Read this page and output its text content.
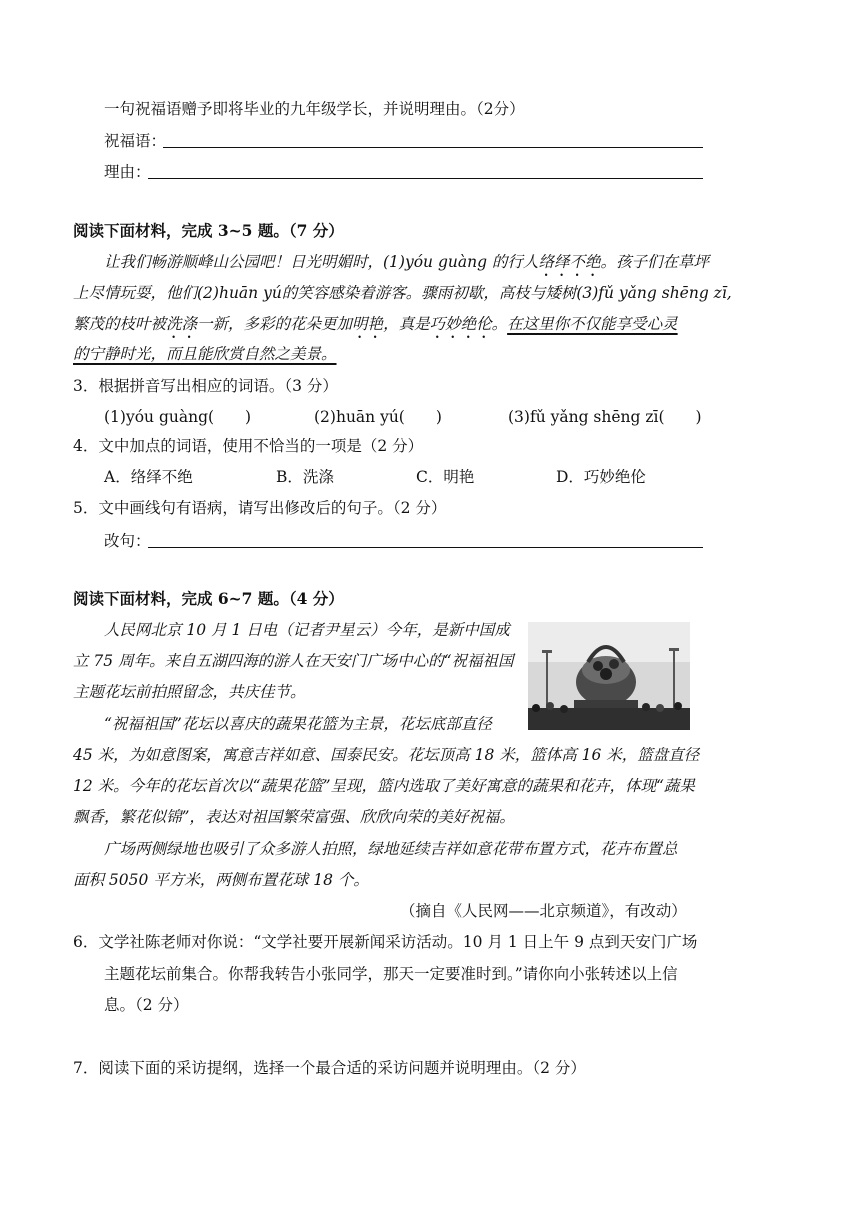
一句祝福语赠予即将毕业的九年级学长，并说明理由。（2分）
祝福语：
理由：
阅读下面材料，完成 3~5 题。（7 分）
让我们畅游顺峰山公园吧！日光明媚时，(1)yóu guàng 的行人络绎不绝。孩子们在草坪
上尽情玩耍，他们(2)huān yú的笑容感染着游客。骤雨初歇，高枝与矮树(3)fǔ yǎng shēng zī,
繁茂的枝叶被洗涤一新，多彩的花朵更加明艳，真是巧妙绝伦。在这里你不仅能享受心灵
的宁静时光，而且能欣赏自然之美景。
3．根据拼音写出相应的词语。（3 分）
(1)yóu guàng(　　)	(2)huān yú(　　)	(3)fǔ yǎng shēng zī(　　)
4．文中加点的词语，使用不恰当的一项是（2 分）
A．络绎不绝	B．洗涤	C．明艳	D．巧妙绝伦
5．文中画线句有语病，请写出修改后的句子。（2 分）
改句：
阅读下面材料，完成 6~7 题。（4 分）
人民网北京 10 月 1 日电（记者尹星云）今年，是新中国成
立 75 周年。来自五湖四海的游人在天安门广场中心的“祝福祖国
主题花坛前拍照留念，共庆佳节。
“祝福祖国”花坛以喜庆的蔬果花篮为主景，花坛底部直径
45 米，为如意图案，寓意吉祥如意、国泰民安。花坛顶高 18 米，篮体高 16 米，篮盘直径
12 米。今年的花坛首次以“蔬果花篮”呈现，篮内选取了美好寓意的蔬果和花卉，体现“蔬果
飘香，繁花似锦”，表达对祖国繁荣富强、欣欣向荣的美好祝福。
广场两侧绿地也吸引了众多游人拍照，绿地延续吉祥如意花带布置方式，花卉布置总
面积 5050 平方米，两侧布置花球 18 个。
（摘自《人民网——北京频道》，有改动）
6．文学社陈老师对你说：“文学社要开展新闻采访活动。10 月 1 日上午 9 点到天安门广场
主题花坛前集合。你帮我转告小张同学，那天一定要准时到。”请你向小张转述以上信
息。（2 分）
7．阅读下面的采访提纲，选择一个最合适的采访问题并说明理由。（2 分）
